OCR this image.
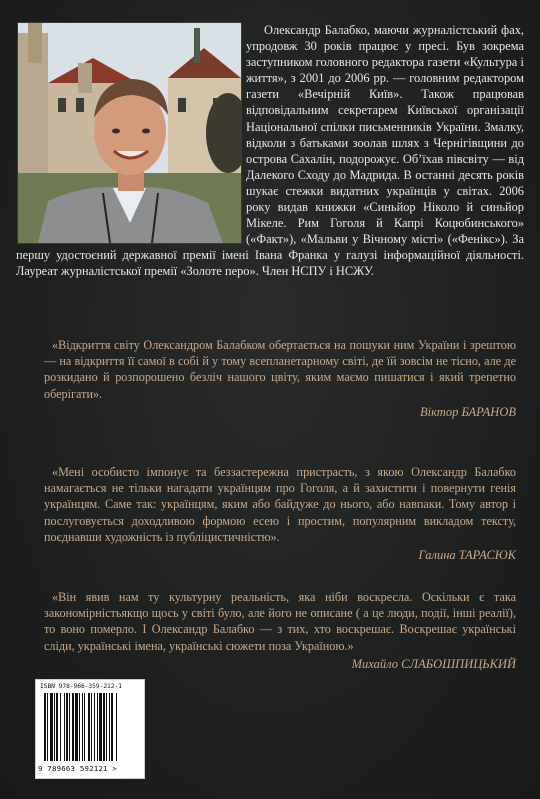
Олександр Балабко, маючи журналістський фах, упродовж 30 років працює у пресі. Був зокрема заступником головного редактора газети «Культура і життя», з 2001 до 2006 рр. — головним редактором газети «Вечірній Київ». Також працював відповідальним секретарем Київської організації Національної спілки письменників України. Змалку, відколи з батьками зоолав шлях з Чернігівщини до острова Сахалін, подорожує. Об’їхав півсвіту — від Далекого Сходу до Мадрида. В останні десять років шукає стежки видатних українців у світах. 2006 року видав книжки «Синьйор Ніколо й синьйор Мікеле. Рим Гоголя й Капрі Коцюбинського» («Факт»), «Мальви у Вічному місті» («Фенікс»). За першу удостоєний державної премії імені Івана Франка у галузі інформаційної діяльності. Лауреат журналістської премії «Золоте перо». Член НСПУ і НСЖУ.

«Відкриття світу Олександром Балабком обертається на пошуки ним України і зрештою — на відкриття її самої в собі й у тому всепланетарному світі, де їй зовсім не тісно, але де розкидано й розпорошено безліч нашого цвіту, яким маємо пишатися і який трепетно оберігати».

Віктор БАРАНОВ

«Мені особисто імпонує та беззастережна пристрасть, з якою Олександр Балабко намагається не тільки нагадати українцям про Гоголя, а й захистити і повернути генія українцям. Саме так: українцям, яким або байдуже до нього, або навпаки. Тому автор і послуговується доходливою формою есею і простим, популярним викладом тексту, поєднавши художність із публіцистичністю».

Галина ТАРАСЮК

«Він явив нам ту культурну реальність, яка ніби воскресла. Оскільки є така закономірністьякщо щось у світі було, але його не описане ( а це люди, події, інші реалії), то воно померло. І Олександр Балабко — з тих, хто воскрешає. Воскрешає українські сліди, українські імена, українські сюжети поза Україною.»

Михайло СЛАБОШПИЦЬКИЙ
ISBN 978-966-359-212-1
9 789663 592121 >
